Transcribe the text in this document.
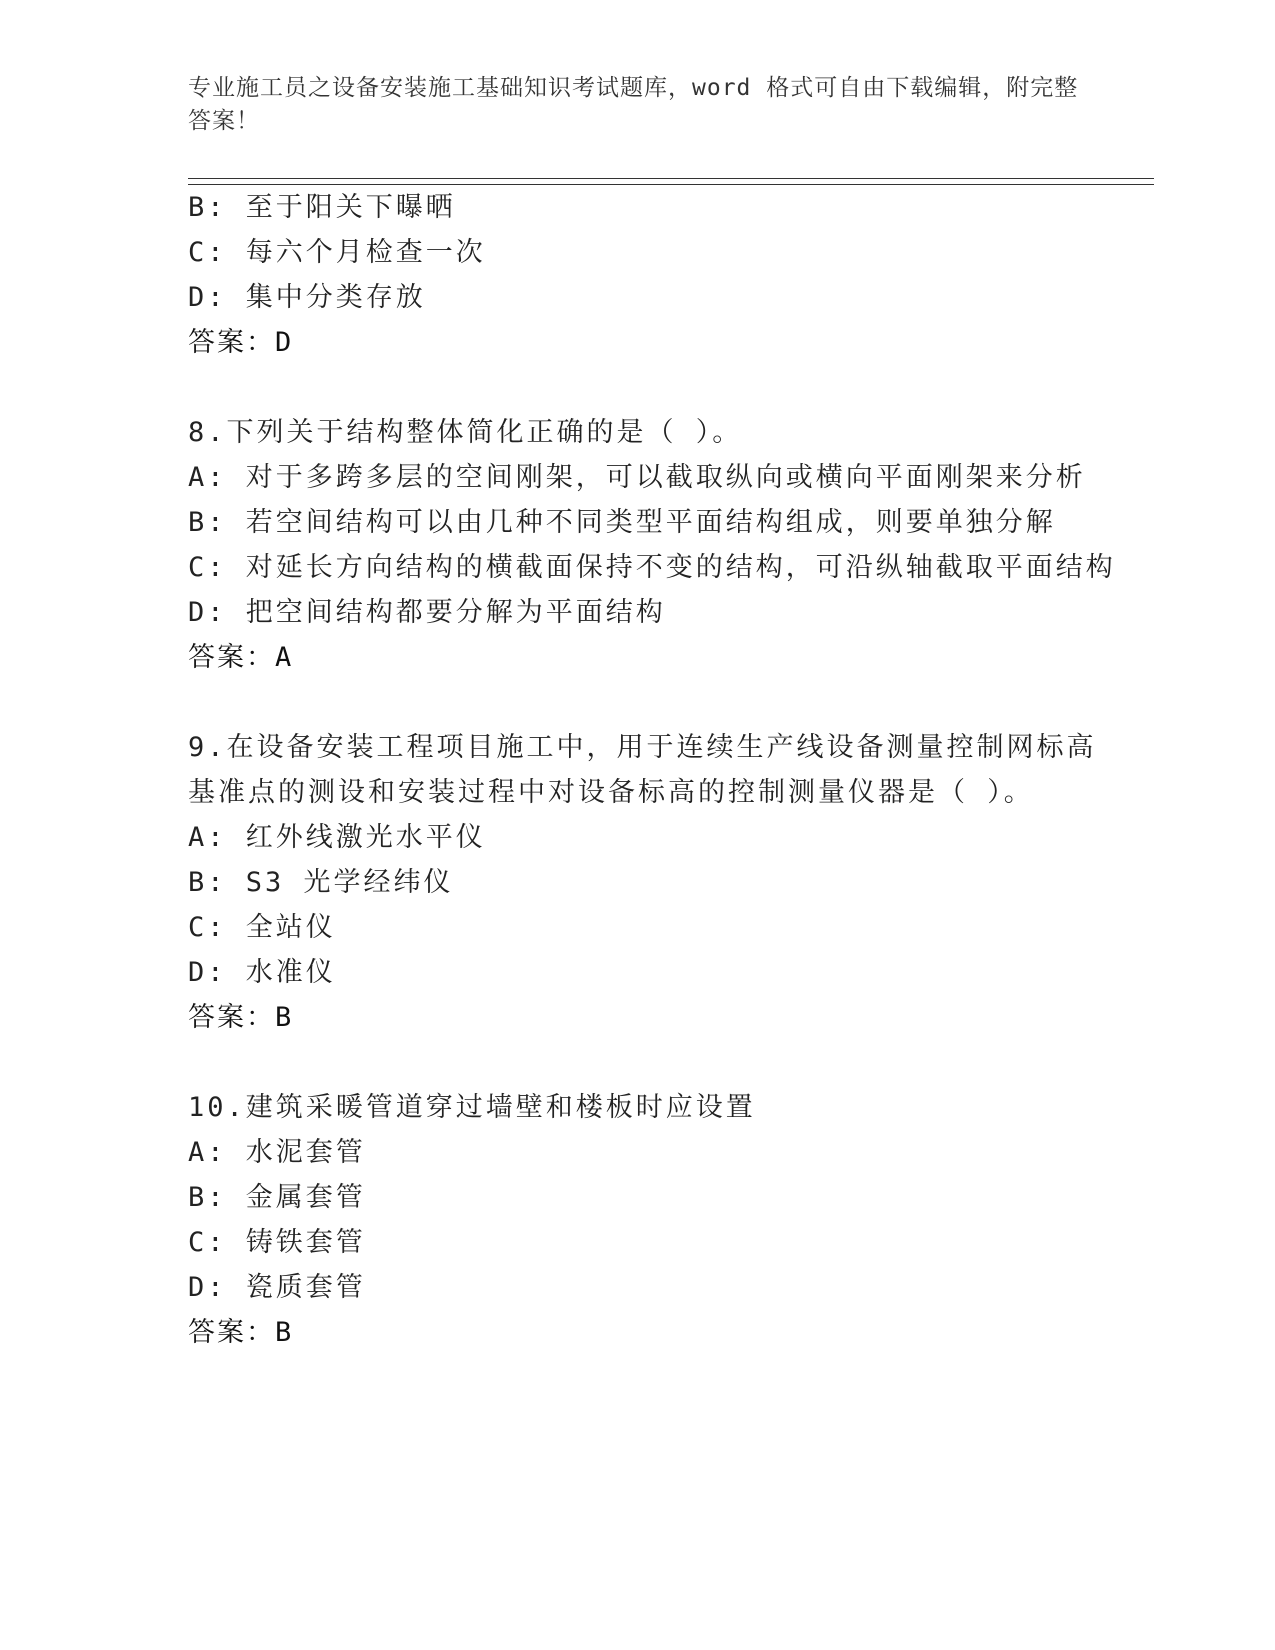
专业施工员之设备安装施工基础知识考试题库，word 格式可自由下载编辑，附完整答案！
B: 至于阳关下曝晒
C: 每六个月检查一次
D: 集中分类存放
答案：D
8.下列关于结构整体简化正确的是（ ）。
A: 对于多跨多层的空间刚架，可以截取纵向或横向平面刚架来分析
B: 若空间结构可以由几种不同类型平面结构组成，则要单独分解
C: 对延长方向结构的横截面保持不变的结构，可沿纵轴截取平面结构
D: 把空间结构都要分解为平面结构
答案：A
9.在设备安装工程项目施工中，用于连续生产线设备测量控制网标高
基准点的测设和安装过程中对设备标高的控制测量仪器是（ ）。
A: 红外线激光水平仪
B: S3 光学经纬仪
C: 全站仪
D: 水准仪
答案：B
10.建筑采暖管道穿过墙壁和楼板时应设置
A: 水泥套管
B: 金属套管
C: 铸铁套管
D: 瓷质套管
答案：B
